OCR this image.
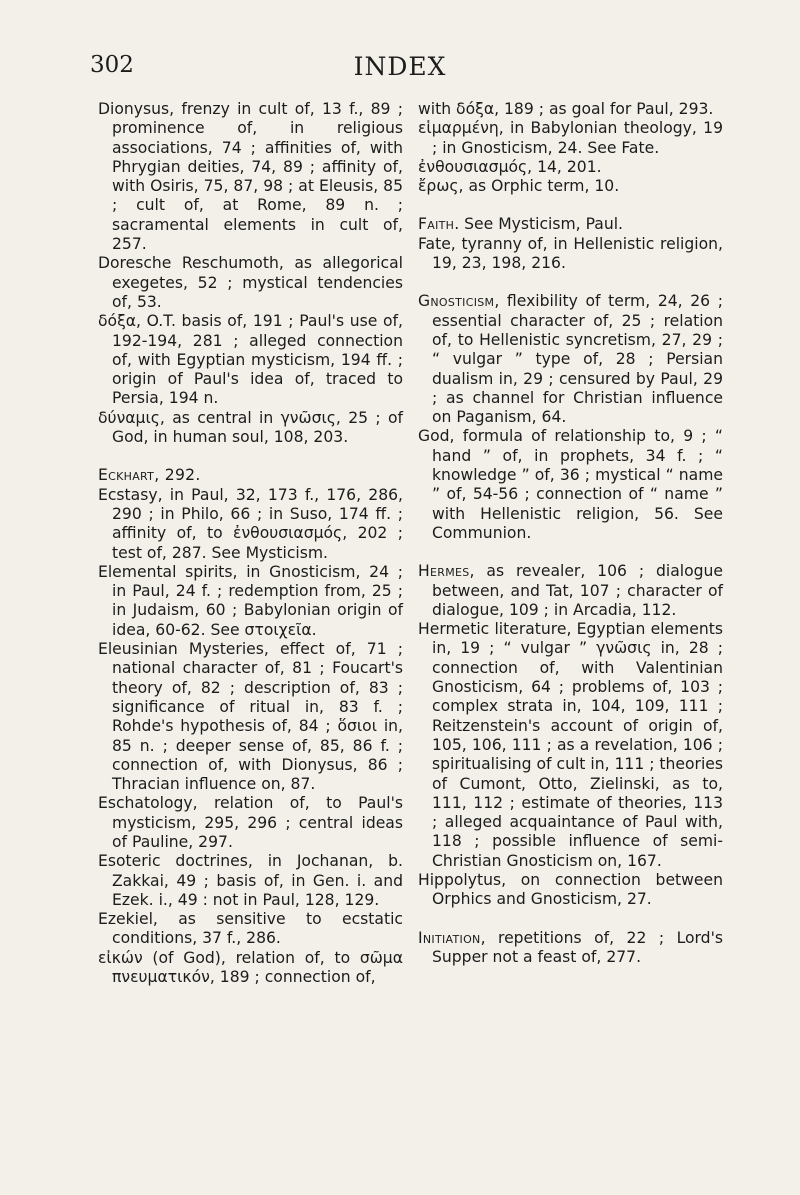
302	INDEX

Dionysus, frenzy in cult of, 13 f., 89 ; prominence of, in religious associations, 74 ; affinities of, with Phrygian deities, 74, 89 ; affinity of, with Osiris, 75, 87, 98 ; at Eleusis, 85 ; cult of, at Rome, 89 n. ; sacramental elements in cult of, 257.

Doresche Reschumoth, as allegorical exegetes, 52 ; mystical tendencies of, 53.

δόξα, O.T. basis of, 191 ; Paul's use of, 192-194, 281 ; alleged connection of, with Egyptian mysticism, 194 ff. ; origin of Paul's idea of, traced to Persia, 194 n.

δύναμις, as central in γνῶσις, 25 ; of God, in human soul, 108, 203.

Eckhart, 292.

Ecstasy, in Paul, 32, 173 f., 176, 286, 290 ; in Philo, 66 ; in Suso, 174 ff. ; affinity of, to ἐνθουσιασμός, 202 ; test of, 287. See Mysticism.

Elemental spirits, in Gnosticism, 24 ; in Paul, 24 f. ; redemption from, 25 ; in Judaism, 60 ; Babylonian origin of idea, 60-62. See στοιχεῖα.

Eleusinian Mysteries, effect of, 71 ; national character of, 81 ; Foucart's theory of, 82 ; description of, 83 ; significance of ritual in, 83 f. ; Rohde's hypothesis of, 84 ; ὅσιοι in, 85 n. ; deeper sense of, 85, 86 f. ; connection of, with Dionysus, 86 ; Thracian influence on, 87.

Eschatology, relation of, to Paul's mysticism, 295, 296 ; central ideas of Pauline, 297.

Esoteric doctrines, in Jochanan, b. Zakkai, 49 ; basis of, in Gen. i. and Ezek. i., 49 : not in Paul, 128, 129.

Ezekiel, as sensitive to ecstatic conditions, 37 f., 286.

εἰκών (of God), relation of, to σῶμα πνευματικόν, 189 ; connection of,

with δόξα, 189 ; as goal for Paul, 293.

εἱμαρμένη, in Babylonian theology, 19 ; in Gnosticism, 24. See Fate.

ἐνθουσιασμός, 14, 201.

ἔρως, as Orphic term, 10.

Faith. See Mysticism, Paul.

Fate, tyranny of, in Hellenistic religion, 19, 23, 198, 216.

Gnosticism, flexibility of term, 24, 26 ; essential character of, 25 ; relation of, to Hellenistic syncretism, 27, 29 ; “ vulgar ” type of, 28 ; Persian dualism in, 29 ; censured by Paul, 29 ; as channel for Christian influence on Paganism, 64.

God, formula of relationship to, 9 ; “ hand ” of, in prophets, 34 f. ; “ knowledge ” of, 36 ; mystical “ name ” of, 54-56 ; connection of “ name ” with Hellenistic religion, 56. See Communion.

Hermes, as revealer, 106 ; dialogue between, and Tat, 107 ; character of dialogue, 109 ; in Arcadia, 112.

Hermetic literature, Egyptian elements in, 19 ; “ vulgar ” γνῶσις in, 28 ; connection of, with Valentinian Gnosticism, 64 ; problems of, 103 ; complex strata in, 104, 109, 111 ; Reitzenstein's account of origin of, 105, 106, 111 ; as a revelation, 106 ; spiritualising of cult in, 111 ; theories of Cumont, Otto, Zielinski, as to, 111, 112 ; estimate of theories, 113 ; alleged acquaintance of Paul with, 118 ; possible influence of semi-Christian Gnosticism on, 167.

Hippolytus, on connection between Orphics and Gnosticism, 27.

Initiation, repetitions of, 22 ; Lord's Supper not a feast of, 277.
